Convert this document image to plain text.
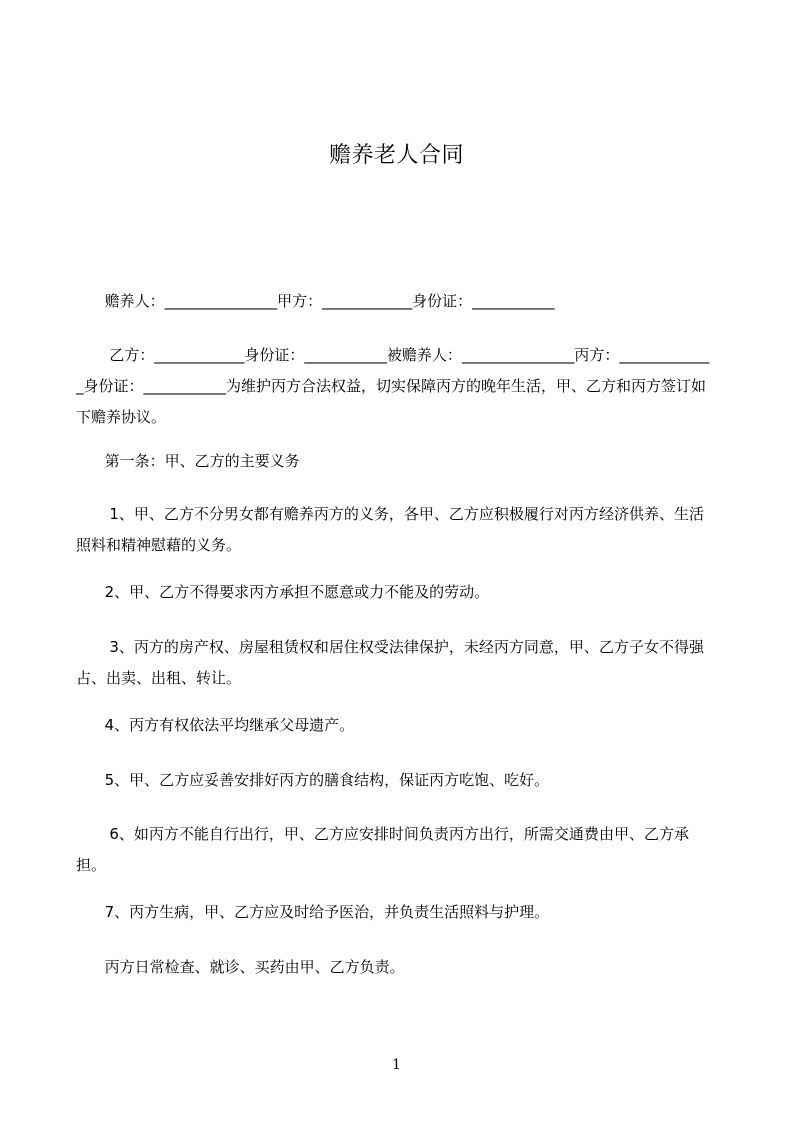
赡养老人合同
赡养人：_______________甲方：____________身份证：___________
乙方：____________身份证：___________被赡养人：_______________丙方：_____________身份证：___________为维护丙方合法权益，切实保障丙方的晚年生活，甲、乙方和丙方签订如下赡养协议。
第一条：甲、乙方的主要义务
1、甲、乙方不分男女都有赡养丙方的义务，各甲、乙方应积极履行对丙方经济供养、生活照料和精神慰藉的义务。
2、甲、乙方不得要求丙方承担不愿意或力不能及的劳动。
3、丙方的房产权、房屋租赁权和居住权受法律保护，未经丙方同意，甲、乙方子女不得强占、出卖、出租、转让。
4、丙方有权依法平均继承父母遗产。
5、甲、乙方应妥善安排好丙方的膳食结构，保证丙方吃饱、吃好。
6、如丙方不能自行出行，甲、乙方应安排时间负责丙方出行，所需交通费由甲、乙方承担。
7、丙方生病，甲、乙方应及时给予医治，并负责生活照料与护理。
丙方日常检查、就诊、买药由甲、乙方负责。
1
